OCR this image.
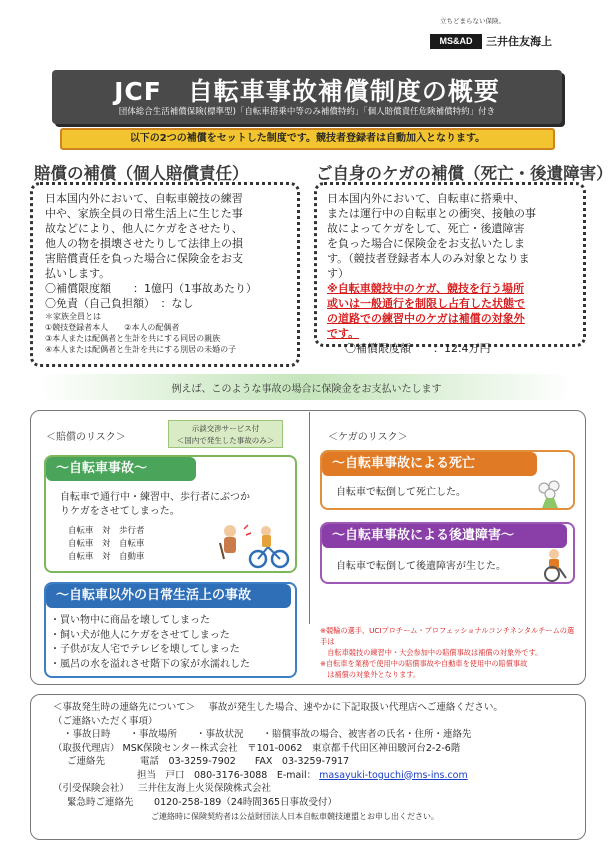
立ちどまらない保険。
MS&AD	三井住友海上
JCF　自転車事故補償制度の概要
団体総合生活補償保険(標準型)「自転車搭乗中等のみ補償特約」「個人賠償責任危険補償特約」付き
以下の2つの補償をセットした制度です。競技者登録者は自動加入となります。
賠償の補償（個人賠償責任）	ご自身のケガの補償（死亡・後遺障害）
日本国内外において、自転車競技の練習
中や、家族全員の日常生活上に生じた事
故などにより、他人にケガをさせたり、
他人の物を損壊させたりして法律上の損
害賠償責任を負った場合に保険金をお支
払いします。
〇補償限度額　　：1億円（1事故あたり）
〇免責（自己負担額）　：なし
＊家族全員とは
①競技登録者本人　　②本人の配偶者
③本人または配偶者と生計を共にする同居の親族
④本人または配偶者と生計を共にする別居の未婚の子
日本国内外において、自転車に搭乗中、
または運行中の自転車との衝突、接触の事
故によってケガをして、死亡・後遺障害
を負った場合に保険金をお支払いたしま
す。（競技者登録者本人のみ対象となりま
す）
※自転車競技中のケガ、競技を行う場所
或いは一般通行を制限し占有した状態で
の道路での練習中のケガは補償の対象外
です。
〇補償限度額　　：12.4万円
例えば、このような事故の場合に保険金をお支払いたします
＜賠償のリスク＞
示談交渉サービス付
＜国内で発生した事故のみ＞	＜ケガのリスク＞
～自転車事故～
自転車で通行中・練習中、歩行者にぶつか
りケガをさせてしまった。
自転車　対　歩行者
自転車　対　自転車
自転車　対　自動車
～自転車以外の日常生活上の事故
・買い物中に商品を壊してしまった
・飼い犬が他人にケガをさせてしまった
・子供が友人宅でテレビを壊してしまった
・風呂の水を溢れさせ階下の家が水濡れした
～自転車事故による死亡
自転車で転倒して死亡した。
～自転車事故による後遺障害～
自転車で転倒して後遺障害が生じた。
※競輪の選手、UCIプロチーム・プロフェッショナルコンチネンタルチームの選手は
　自転車競技の練習中・大会参加中の賠償事故は補償の対象外です。
※自転車を業務で使用中の賠償事故や自動車を使用中の賠償事故
　は補償の対象外となります。
＜事故発生時の連絡先について＞ 事故が発生した場合、速やかに下記取扱い代理店へご連絡ください。
（ご連絡いただく事項）
・事故日時　　・事故場所　　・事故状況　　・賠償事故の場合、被害者の氏名・住所・連絡先
（取扱代理店） MSK保険センター株式会社　〒101-0062　東京都千代田区神田駿河台2-2-6階
ご連絡先	電話　03-3259-7902　　FAX　03-3259-7917
担当　戸口　080-3176-3088　E-mail： masayuki-toguchi@ms-ins.com
（引受保険会社） 三井住友海上火災保険株式会社
緊急時ご連絡先 0120-258-189（24時間365日事故受付）
ご連絡時に保険契約者は公益財団法人日本自転車競技連盟とお申し出ください。
